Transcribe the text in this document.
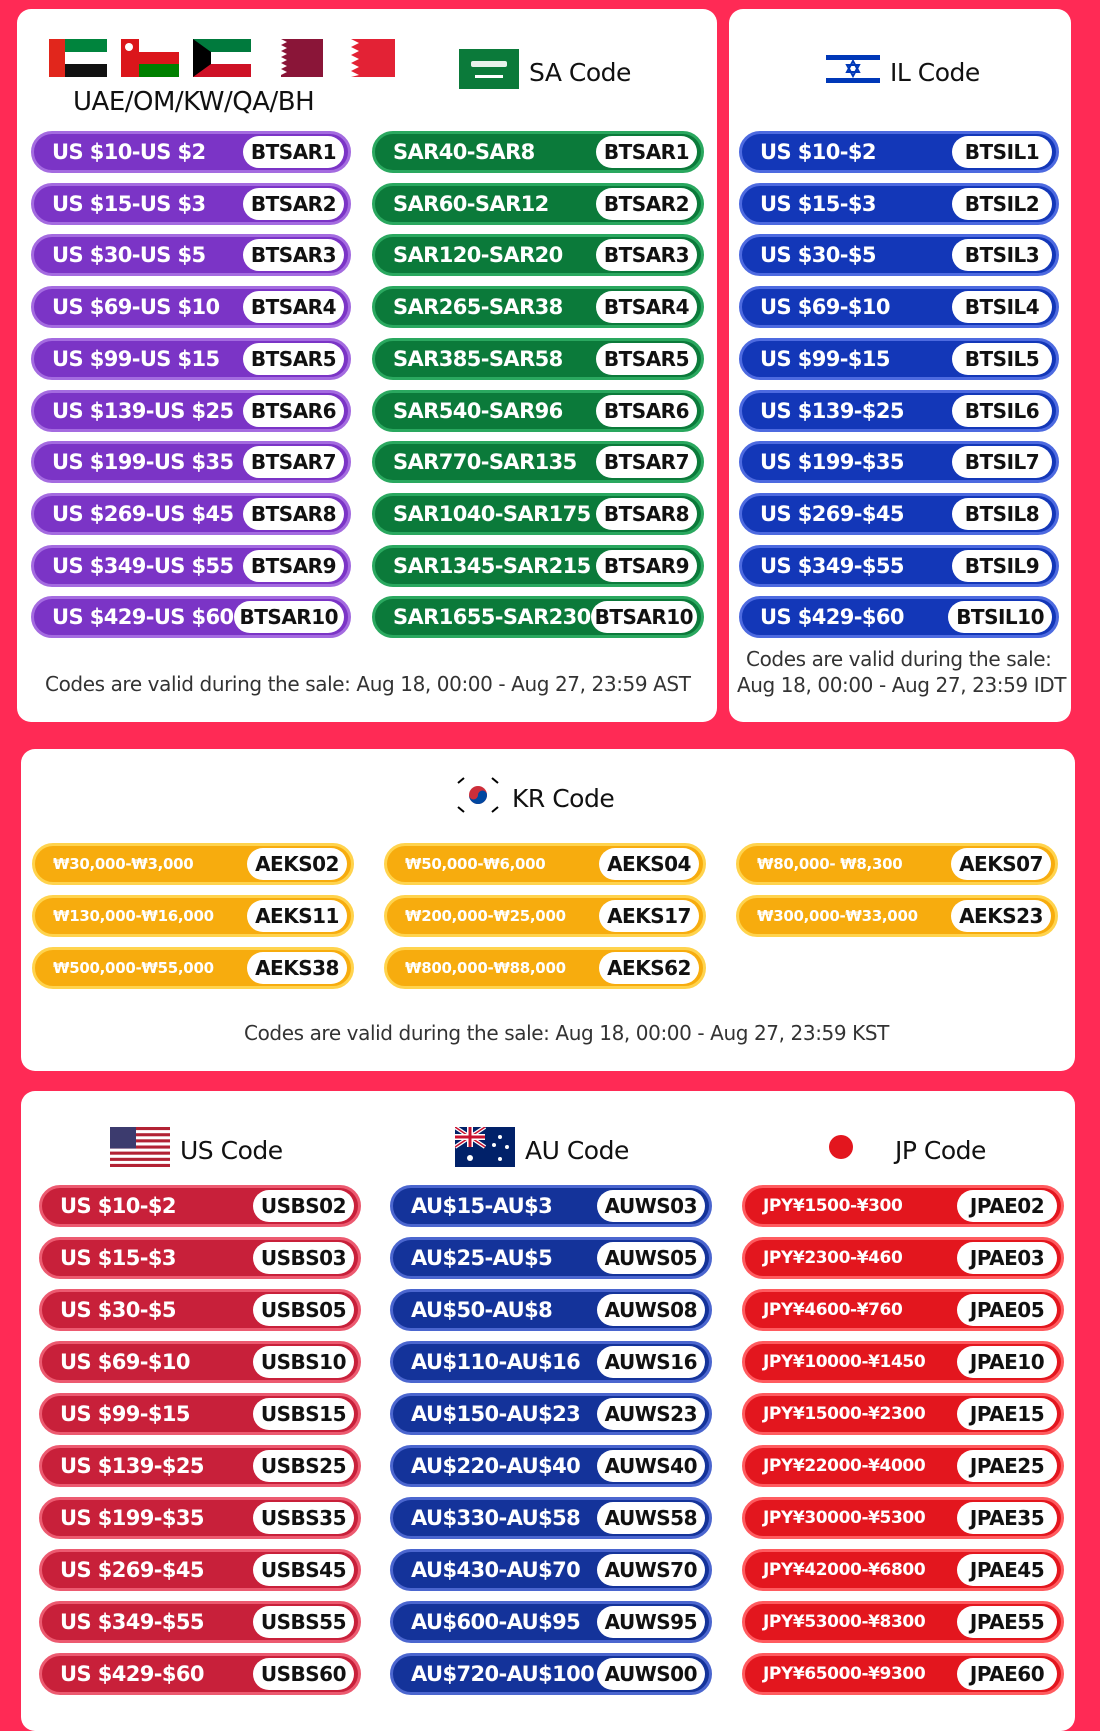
UAE/OM/KW/QA/BH
SA Code
US $10-US $2	BTSAR1
US $15-US $3	BTSAR2
US $30-US $5	BTSAR3
US $69-US $10	BTSAR4
US $99-US $15	BTSAR5
US $139-US $25 BTSAR6
US $199-US $35 BTSAR7
US $269-US $45 BTSAR8
US $349-US $55 BTSAR9
US $429-US $60 BTSAR10
SAR40-SAR8	BTSAR1
SAR60-SAR12	BTSAR2
SAR120-SAR20	BTSAR3
SAR265-SAR38	BTSAR4
SAR385-SAR58	BTSAR5
SAR540-SAR96	BTSAR6
SAR770-SAR135	BTSAR7
SAR1040-SAR175 BTSAR8
SAR1345-SAR215 BTSAR9
SAR1655-SAR230 BTSAR10
Codes are valid during the sale: Aug 18, 00:00 - Aug 27, 23:59 AST
IL Code
US $10-$2	BTSIL1
US $15-$3	BTSIL2
US $30-$5	BTSIL3
US $69-$10	BTSIL4
US $99-$15	BTSIL5
US $139-$25	BTSIL6
US $199-$35	BTSIL7
US $269-$45	BTSIL8
US $349-$55	BTSIL9
US $429-$60	BTSIL10
Codes are valid during the sale:
Aug 18, 00:00 - Aug 27, 23:59 IDT
KR Code
₩30,000-₩3,000	AEKS02	₩50,000-₩6,000	AEKS04	₩80,000- ₩8,300	AEKS07
₩130,000-₩16,000	AEKS11	₩200,000-₩25,000	AEKS17	₩300,000-₩33,000	AEKS23
₩500,000-₩55,000	AEKS38	₩800,000-₩88,000	AEKS62
Codes are valid during the sale: Aug 18, 00:00 - Aug 27, 23:59 KST
US Code	AU Code	JP Code
US $10-$2	USBS02
US $15-$3	USBS03
US $30-$5	USBS05
US $69-$10	USBS10
US $99-$15	USBS15
US $139-$25	USBS25
US $199-$35	USBS35
US $269-$45	USBS45
US $349-$55	USBS55
US $429-$60	USBS60
AU$15-AU$3	AUWS03
AU$25-AU$5	AUWS05
AU$50-AU$8	AUWS08
AU$110-AU$16	AUWS16
AU$150-AU$23	AUWS23
AU$220-AU$40	AUWS40
AU$330-AU$58	AUWS58
AU$430-AU$70	AUWS70
AU$600-AU$95	AUWS95
AU$720-AU$100 AUWS00
JPY¥1500-¥300	JPAE02
JPY¥2300-¥460	JPAE03
JPY¥4600-¥760	JPAE05
JPY¥10000-¥1450	JPAE10
JPY¥15000-¥2300	JPAE15
JPY¥22000-¥4000	JPAE25
JPY¥30000-¥5300	JPAE35
JPY¥42000-¥6800	JPAE45
JPY¥53000-¥8300	JPAE55
JPY¥65000-¥9300	JPAE60
